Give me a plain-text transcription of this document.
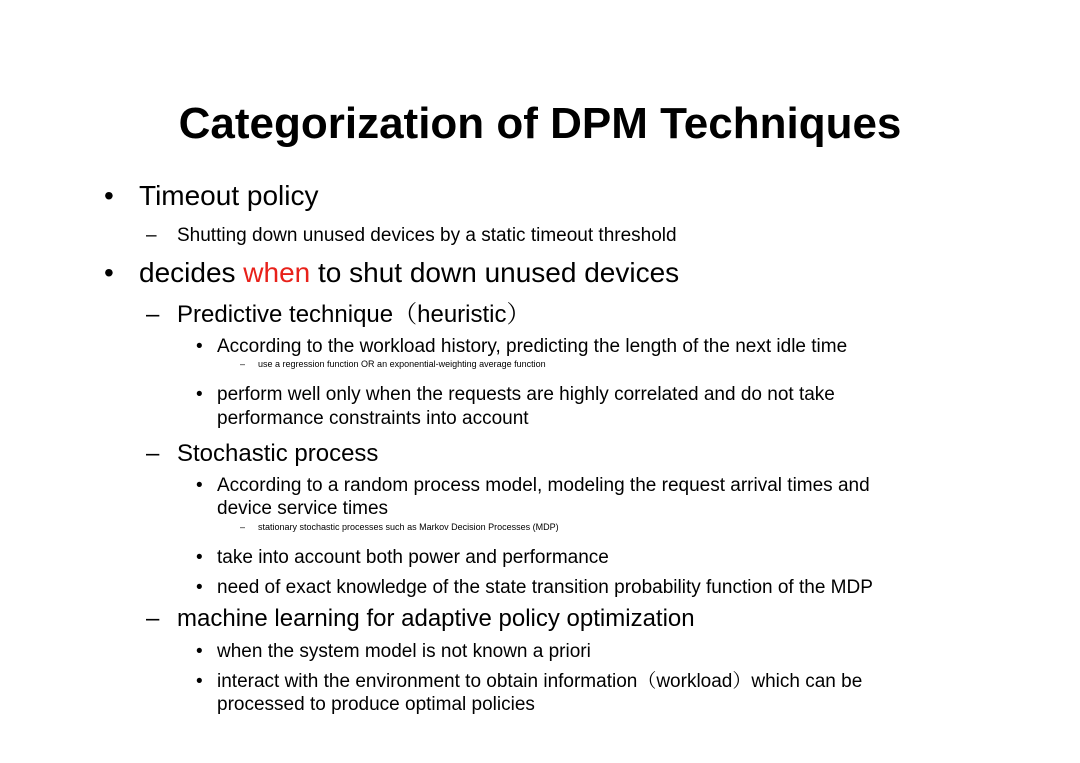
Categorization of DPM Techniques
• Timeout policy
– Shutting down unused devices by a static timeout threshold
• decides when to shut down unused devices
– Predictive technique（heuristic）
• According to the workload history, predicting the length of the next idle time
– use a regression function OR an exponential-weighting average function
• perform well only when the requests are highly correlated and do not take
performance constraints into account
– Stochastic process
• According to a random process model, modeling the request arrival times and
device service times
– stationary stochastic processes such as Markov Decision Processes (MDP)
• take into account both power and performance
• need of exact knowledge of the state transition probability function of the MDP
– machine learning for adaptive policy optimization
• when the system model is not known a priori
• interact with the environment to obtain information（workload）which can be
processed to produce optimal policies
